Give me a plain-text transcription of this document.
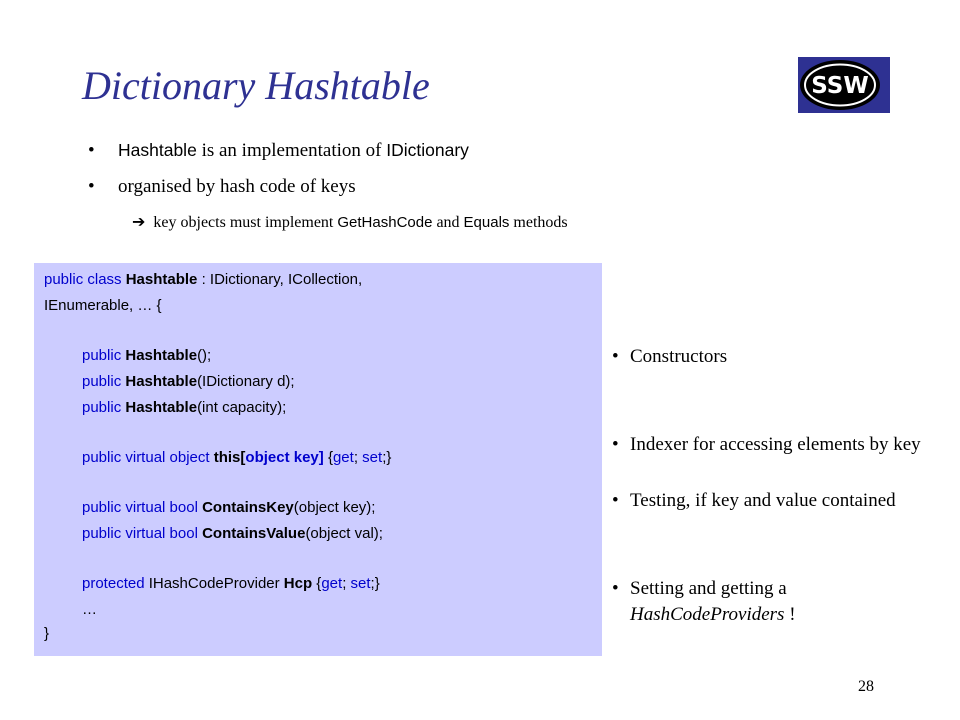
Dictionary Hashtable	SSW
• Hashtable is an implementation of IDictionary
• organised by hash code of keys
➔ key objects must implement GetHashCode and Equals methods
public class Hashtable : IDictionary, ICollection,
IEnumerable, … {
public Hashtable();
public Hashtable(IDictionary d);
public Hashtable(int capacity);
public virtual object this[object key] {get; set;}
public virtual bool ContainsKey(object key);
public virtual bool ContainsValue(object val);
protected IHashCodeProvider Hcp {get; set;}
…
}
• Constructors
• Indexer for accessing elements by key
• Testing, if key and value contained
• Setting and getting a HashCodeProviders !
28
